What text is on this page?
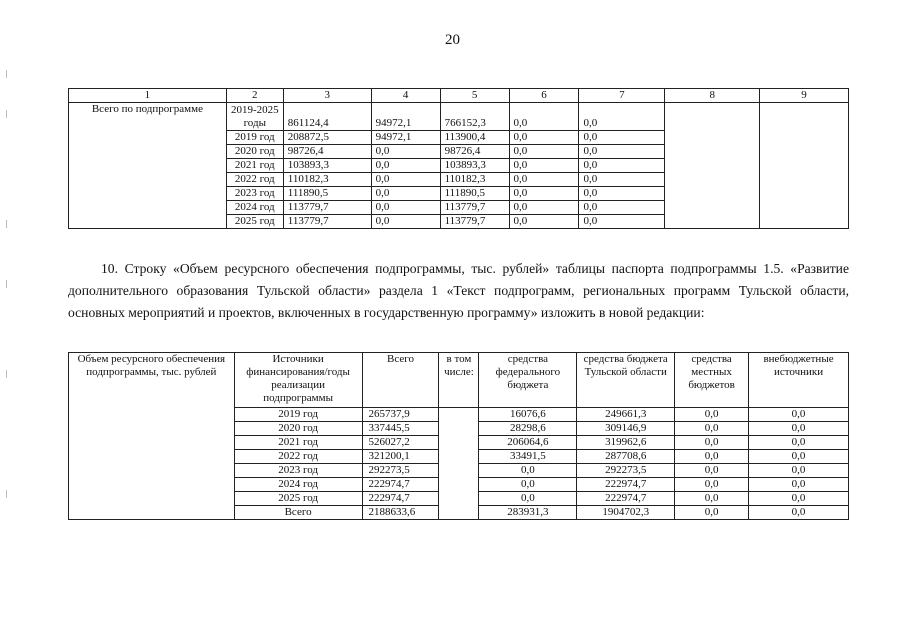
20
1	2	3	4	5	6	7	8	9
Всего по подпрограмме	2019-2025 годы	861124,4	94972,1	766152,3	0,0	0,0		
	2019 год	208872,5	94972,1	113900,4	0,0	0,0		
	2020 год	98726,4	0,0	98726,4	0,0	0,0		
	2021 год	103893,3	0,0	103893,3	0,0	0,0		
	2022 год	110182,3	0,0	110182,3	0,0	0,0		
	2023 год	111890,5	0,0	111890,5	0,0	0,0		
	2024 год	113779,7	0,0	113779,7	0,0	0,0		
	2025 год	113779,7	0,0	113779,7	0,0	0,0		

10. Строку «Объем ресурсного обеспечения подпрограммы, тыс. рублей» таблицы паспорта подпрограммы 1.5. «Развитие дополнительного образования Тульской области» раздела 1 «Текст подпрограмм, региональных программ Тульской области, основных мероприятий и проектов, включенных в государственную программу» изложить в новой редакции:

Объем ресурсного обеспечения подпрограммы, тыс. рублей	Источники финансирования/годы реализации подпрограммы	Всего	в том числе:	средства федерального бюджета	средства бюджета Тульской области	средства местных бюджетов	внебюджетные источники
	2019 год	265737,9		16076,6	249661,3	0,0	0,0
	2020 год	337445,5		28298,6	309146,9	0,0	0,0
	2021 год	526027,2		206064,6	319962,6	0,0	0,0
	2022 год	321200,1		33491,5	287708,6	0,0	0,0
	2023 год	292273,5		0,0	292273,5	0,0	0,0
	2024 год	222974,7		0,0	222974,7	0,0	0,0
	2025 год	222974,7		0,0	222974,7	0,0	0,0
	Всего	2188633,6		283931,3	1904702,3	0,0	0,0
